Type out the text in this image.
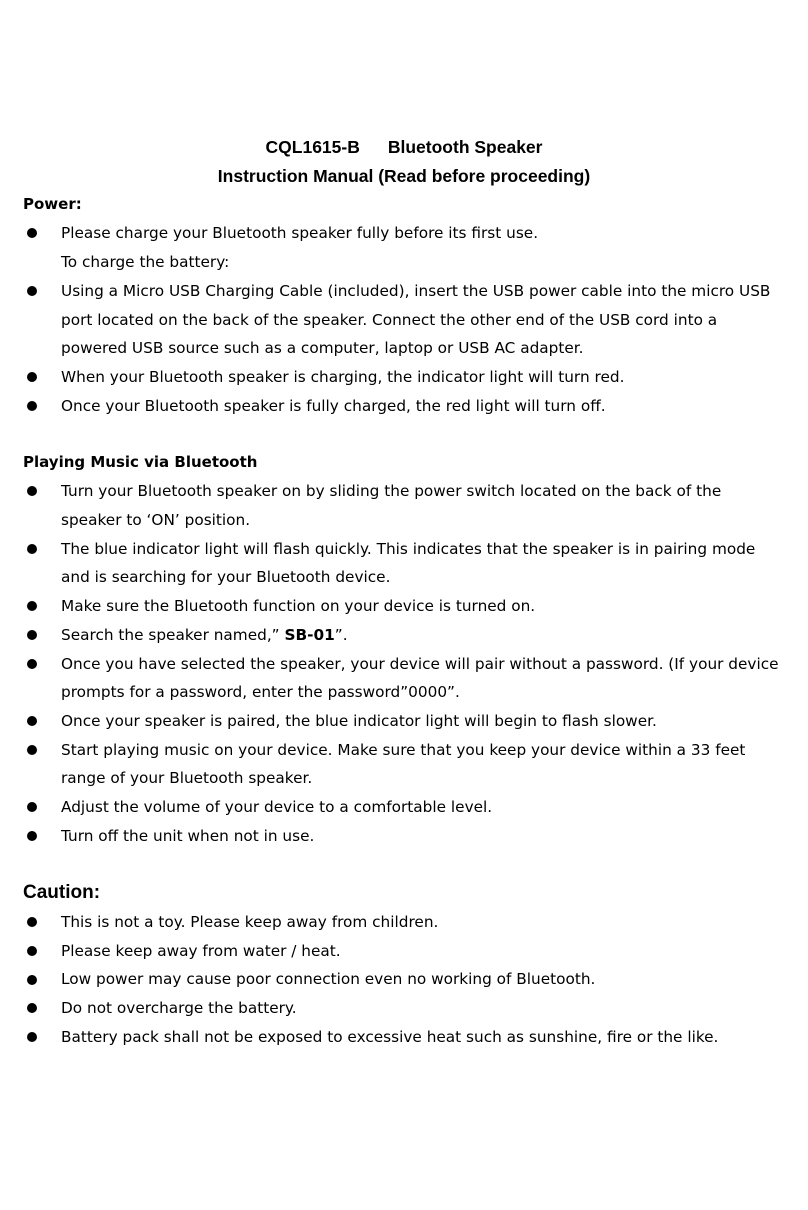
CQL1615-B Bluetooth Speaker
Instruction Manual (Read before proceeding)
Power:
Please charge your Bluetooth speaker fully before its first use.
To charge the battery:
Using a Micro USB Charging Cable (included), insert the USB power cable into the micro USB
port located on the back of the speaker. Connect the other end of the USB cord into a
powered USB source such as a computer, laptop or USB AC adapter.
When your Bluetooth speaker is charging, the indicator light will turn red.
Once your Bluetooth speaker is fully charged, the red light will turn off.
Playing Music via Bluetooth
Turn your Bluetooth speaker on by sliding the power switch located on the back of the
speaker to ‘ON’ position.
The blue indicator light will flash quickly. This indicates that the speaker is in pairing mode
and is searching for your Bluetooth device.
Make sure the Bluetooth function on your device is turned on.
Search the speaker named,” SB-01”.
Once you have selected the speaker, your device will pair without a password. (If your device
prompts for a password, enter the password”0000”.
Once your speaker is paired, the blue indicator light will begin to flash slower.
Start playing music on your device. Make sure that you keep your device within a 33 feet
range of your Bluetooth speaker.
Adjust the volume of your device to a comfortable level.
Turn off the unit when not in use.
Caution:
This is not a toy. Please keep away from children.
Please keep away from water / heat.
Low power may cause poor connection even no working of Bluetooth.
Do not overcharge the battery.
Battery pack shall not be exposed to excessive heat such as sunshine, fire or the like.
